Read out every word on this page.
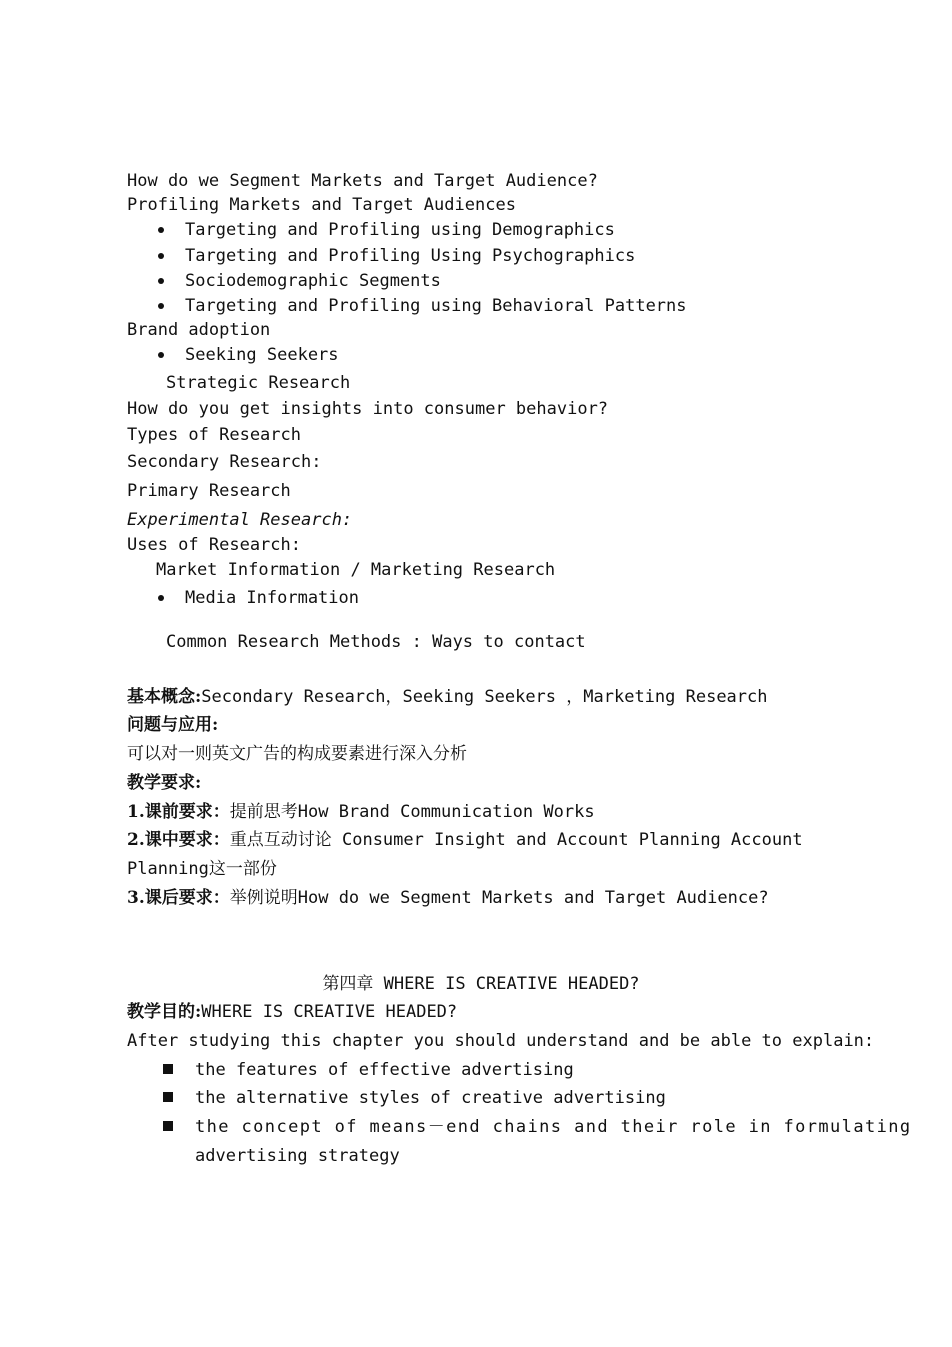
How do we Segment Markets and Target Audience?
Profiling Markets and Target Audiences
Targeting and Profiling using Demographics
Targeting and Profiling Using Psychographics
Sociodemographic Segments
Targeting and Profiling using Behavioral Patterns
Brand adoption
Seeking Seekers
Strategic Research
How do you get insights into consumer behavior?
Types of Research
Secondary Research:
Primary Research
Experimental Research:
Uses of Research:
Market Information / Marketing Research
Media Information
Common Research Methods : Ways to contact
基本概念:Secondary Research，Seeking Seekers ，Marketing Research
问题与应用:
可以对一则英文广告的构成要素进行深入分析
教学要求:
1.课前要求：提前思考How Brand Communication Works
2.课中要求：重点互动讨论 Consumer Insight and Account Planning Account
Planning这一部份
3.课后要求：举例说明How do we Segment Markets and Target Audience?
第四章 WHERE IS CREATIVE HEADED?
教学目的:WHERE IS CREATIVE HEADED?
After studying this chapter you should understand and be able to explain:
the features of effective advertising
the alternative styles of creative advertising
the concept of means－end chains and their role in formulating
advertising strategy
